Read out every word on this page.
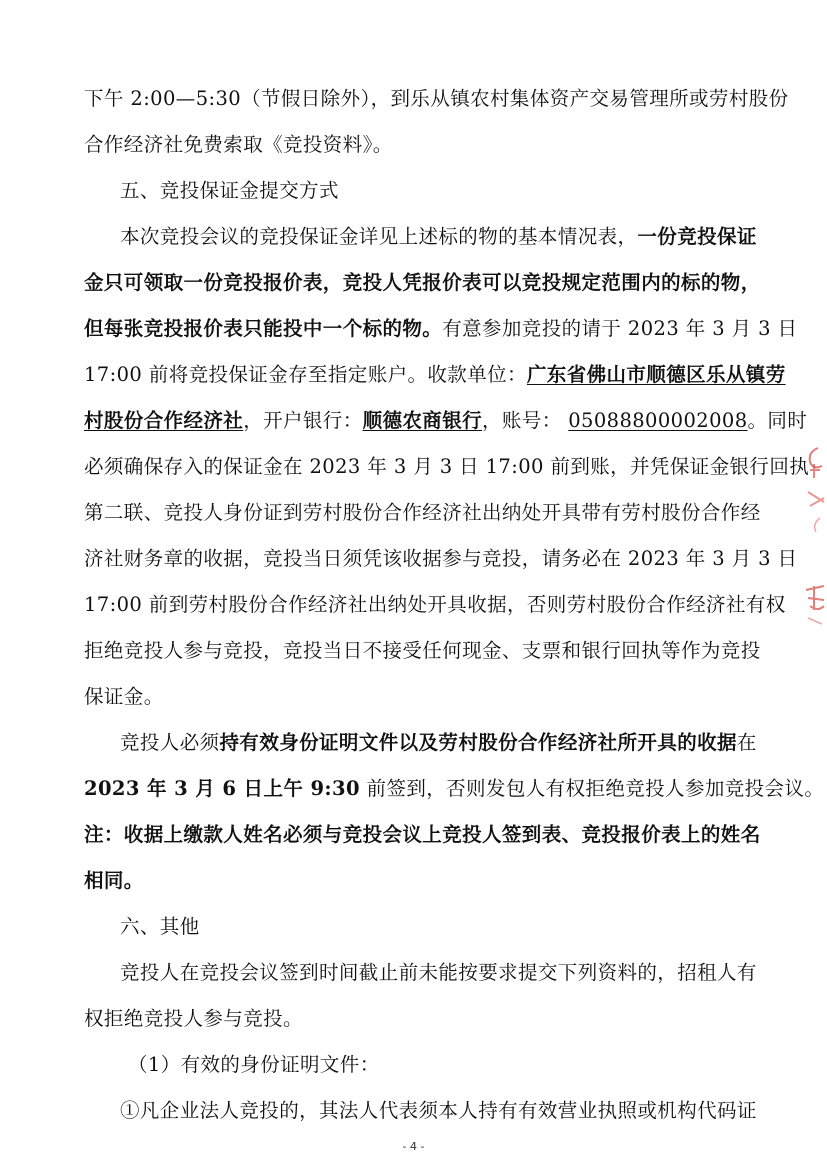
下午 2:00—5:30（节假日除外），到乐从镇农村集体资产交易管理所或劳村股份
合作经济社免费索取《竞投资料》。
五、竞投保证金提交方式
本次竞投会议的竞投保证金详见上述标的物的基本情况表，一份竞投保证
金只可领取一份竞投报价表，竞投人凭报价表可以竞投规定范围内的标的物，
但每张竞投报价表只能投中一个标的物。有意参加竞投的请于 2023 年 3 月 3 日
17:00 前将竞投保证金存至指定账户。收款单位：广东省佛山市顺德区乐从镇劳
村股份合作经济社，开户银行：顺德农商银行，账号： 05088800002008。同时
必须确保存入的保证金在 2023 年 3 月 3 日 17:00 前到账，并凭保证金银行回执
第二联、竞投人身份证到劳村股份合作经济社出纳处开具带有劳村股份合作经
济社财务章的收据，竞投当日须凭该收据参与竞投，请务必在 2023 年 3 月 3 日
17:00 前到劳村股份合作经济社出纳处开具收据，否则劳村股份合作经济社有权
拒绝竞投人参与竞投，竞投当日不接受任何现金、支票和银行回执等作为竞投
保证金。
竞投人必须持有效身份证明文件以及劳村股份合作经济社所开具的收据在
2023 年 3 月 6 日上午 9:30 前签到，否则发包人有权拒绝竞投人参加竞投会议。
注：收据上缴款人姓名必须与竞投会议上竞投人签到表、竞投报价表上的姓名
相同。
六、其他
竞投人在竞投会议签到时间截止前未能按要求提交下列资料的，招租人有
权拒绝竞投人参与竞投。
（1）有效的身份证明文件：
①凡企业法人竞投的，其法人代表须本人持有有效营业执照或机构代码证
- 4 -
